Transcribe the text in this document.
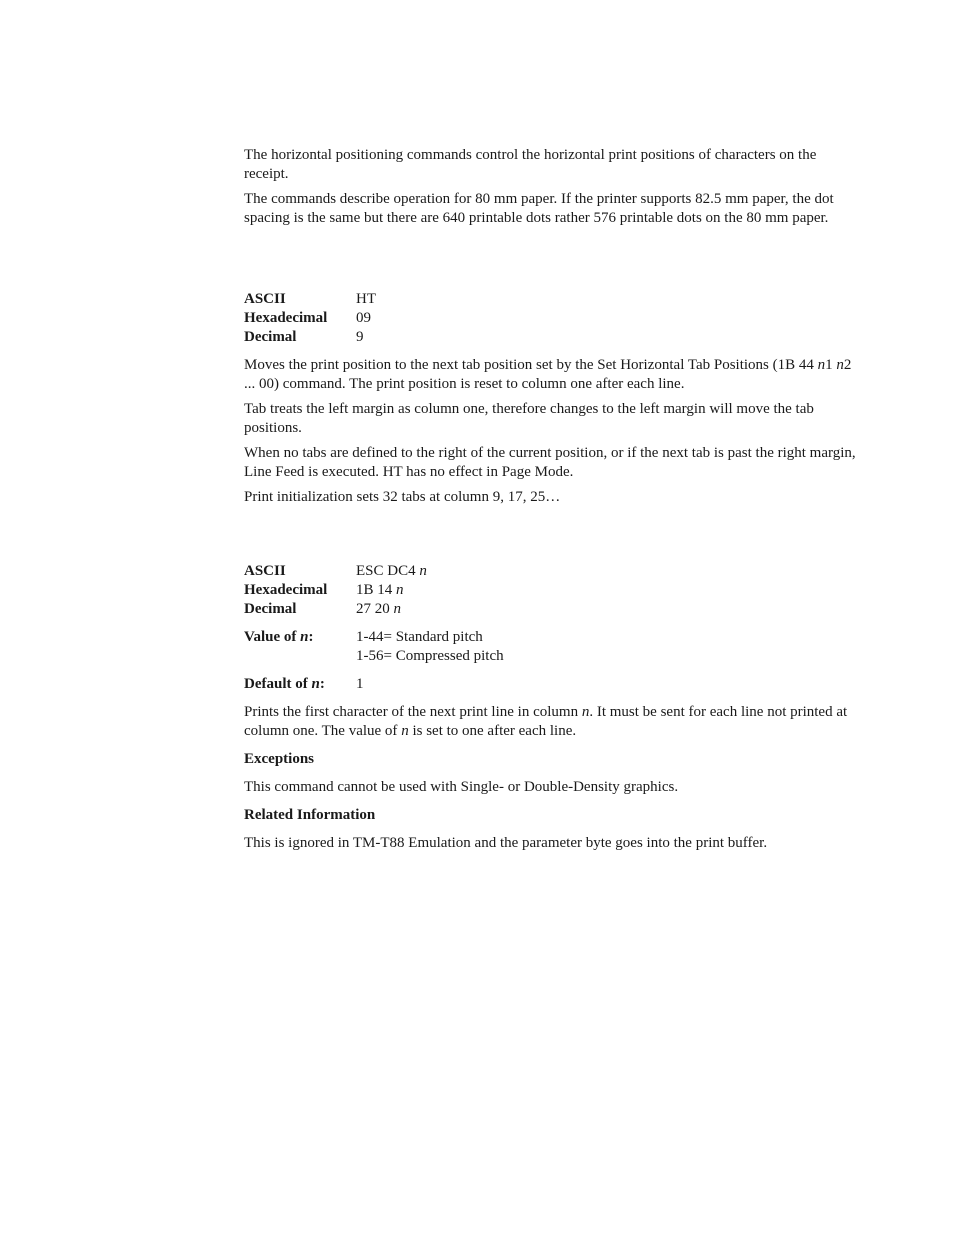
The horizontal positioning commands control the horizontal print positions of characters on the receipt.

The commands describe operation for 80 mm paper. If the printer supports 82.5 mm paper, the dot spacing is the same but there are 640 printable dots rather 576 printable dots on the 80 mm paper.

ASCII	HT
Hexadecimal	09
Decimal	9

Moves the print position to the next tab position set by the Set Horizontal Tab Positions (1B 44 n1 n2 ... 00) command. The print position is reset to column one after each line.

Tab treats the left margin as column one, therefore changes to the left margin will move the tab positions.

When no tabs are defined to the right of the current position, or if the next tab is past the right margin, Line Feed is executed. HT has no effect in Page Mode.

Print initialization sets 32 tabs at column 9, 17, 25…

ASCII	ESC DC4 n
Hexadecimal	1B 14 n
Decimal	27 20 n
Value of n:	1-44= Standard pitch
1-56= Compressed pitch

Default of n:	1

Prints the first character of the next print line in column n. It must be sent for each line not printed at column one. The value of n is set to one after each line.

Exceptions

This command cannot be used with Single- or Double-Density graphics.

Related Information

This is ignored in TM-T88 Emulation and the parameter byte goes into the print buffer.
